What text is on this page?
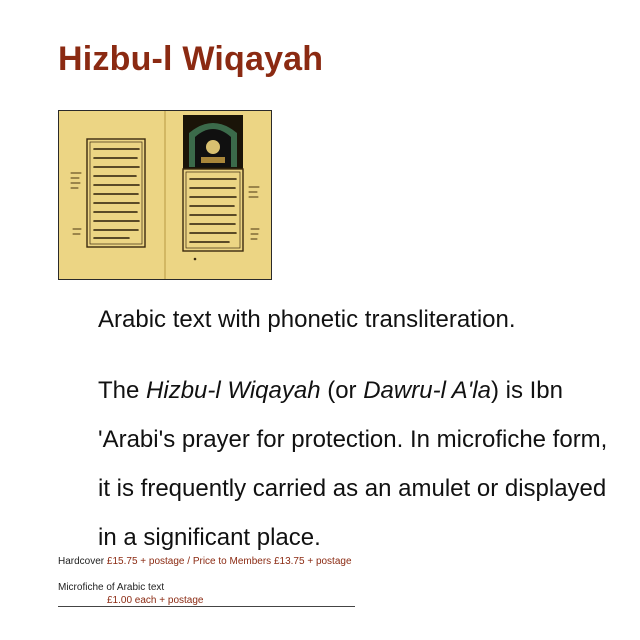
Hizbu-l Wiqayah
Arabic text with phonetic transliteration.
The Hizbu-l Wiqayah (or Dawru-l A'la) is Ibn 'Arabi's prayer for protection. In microfiche form, it is frequently carried as an amulet or displayed in a significant place.
Hardcover £15.75 + postage / Price to Members £13.75 + postage
Microfiche of Arabic text
£1.00 each + postage
